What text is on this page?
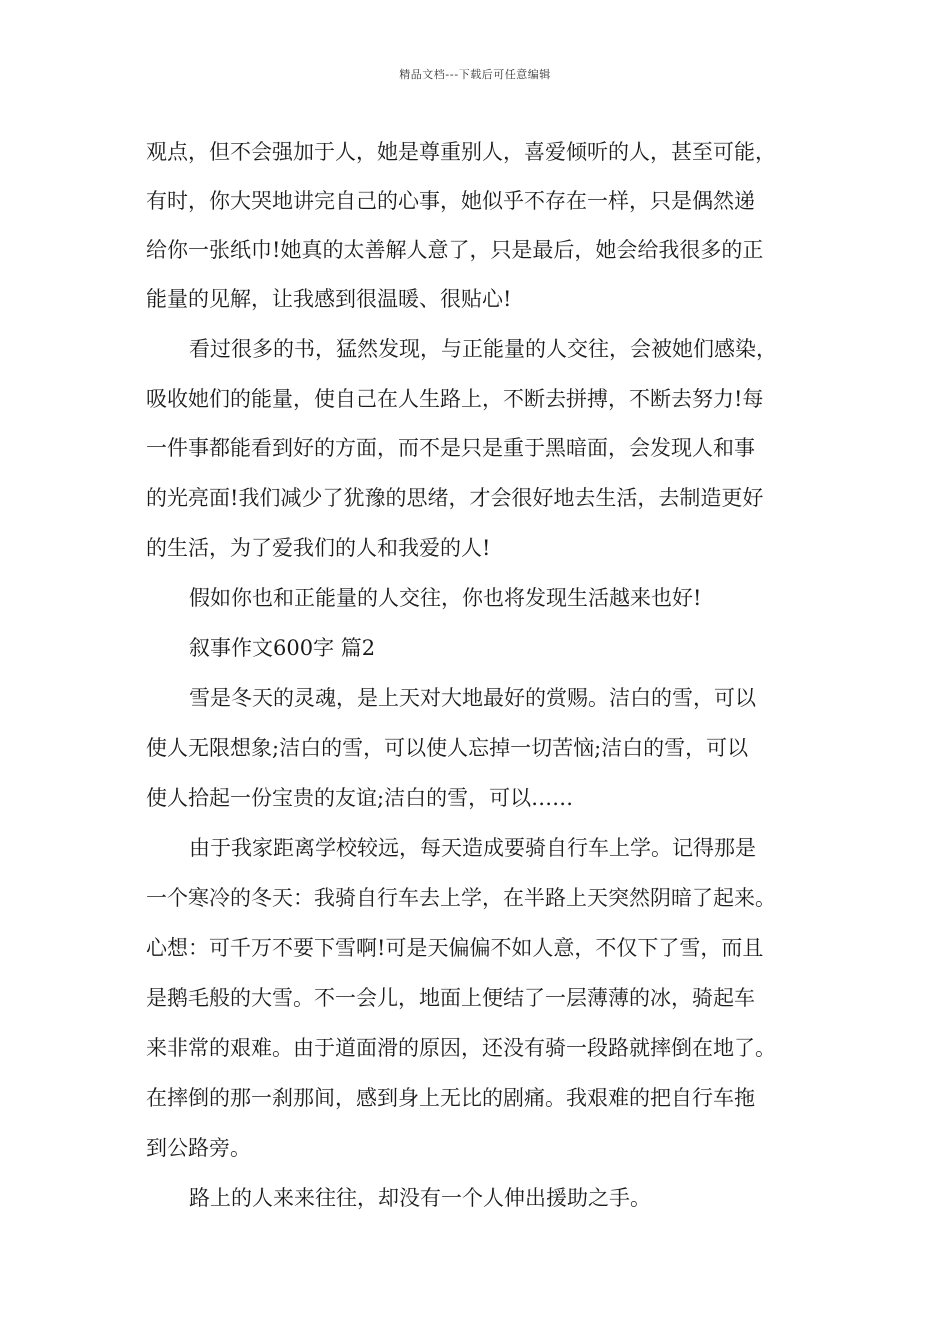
精品文档---下载后可任意编辑
观点，但不会强加于人，她是尊重别人，喜爱倾听的人，甚至可能，
有时，你大哭地讲完自己的心事，她似乎不存在一样，只是偶然递
给你一张纸巾!她真的太善解人意了，只是最后，她会给我很多的正
能量的见解，让我感到很温暖、很贴心!
看过很多的书，猛然发现，与正能量的人交往，会被她们感染，
吸收她们的能量，使自己在人生路上，不断去拼搏，不断去努力!每
一件事都能看到好的方面，而不是只是重于黑暗面，会发现人和事
的光亮面!我们减少了犹豫的思绪，才会很好地去生活，去制造更好
的生活，为了爱我们的人和我爱的人!
假如你也和正能量的人交往，你也将发现生活越来也好!
叙事作文600字 篇2
雪是冬天的灵魂，是上天对大地最好的赏赐。洁白的雪，可以
使人无限想象;洁白的雪，可以使人忘掉一切苦恼;洁白的雪，可以
使人拾起一份宝贵的友谊;洁白的雪，可以……
由于我家距离学校较远，每天造成要骑自行车上学。记得那是
一个寒冷的冬天：我骑自行车去上学，在半路上天突然阴暗了起来。
心想：可千万不要下雪啊!可是天偏偏不如人意，不仅下了雪，而且
是鹅毛般的大雪。不一会儿，地面上便结了一层薄薄的冰，骑起车
来非常的艰难。由于道面滑的原因，还没有骑一段路就摔倒在地了。
在摔倒的那一刹那间，感到身上无比的剧痛。我艰难的把自行车拖
到公路旁。
路上的人来来往往，却没有一个人伸出援助之手。
